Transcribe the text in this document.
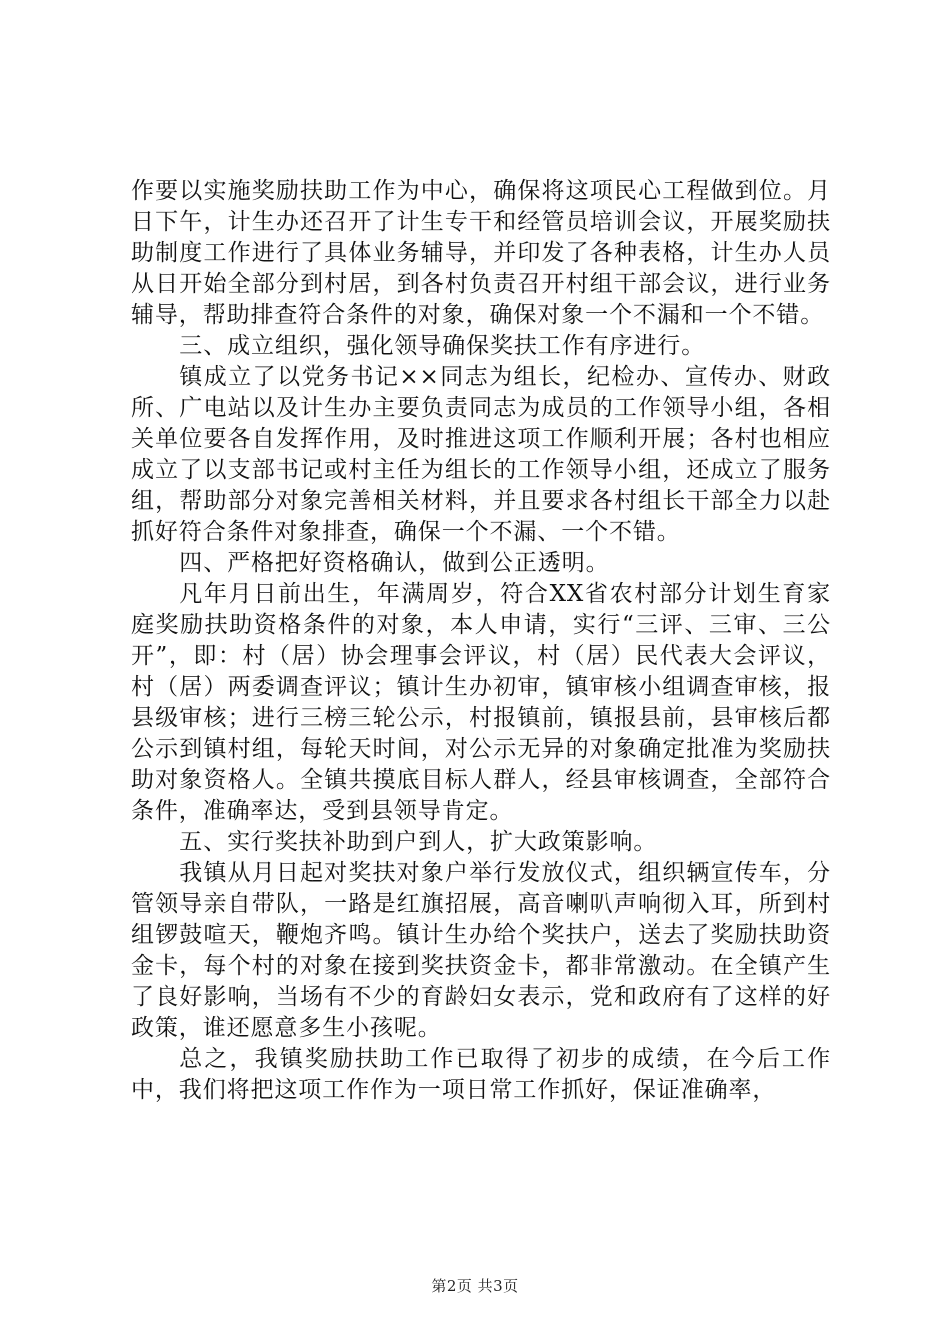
作要以实施奖励扶助工作为中心，确保将这项民心工程做到位。月日下午，计生办还召开了计生专干和经管员培训会议，开展奖励扶助制度工作进行了具体业务辅导，并印发了各种表格，计生办人员从日开始全部分到村居，到各村负责召开村组干部会议，进行业务辅导，帮助排查符合条件的对象，确保对象一个不漏和一个不错。

三、成立组织，强化领导确保奖扶工作有序进行。

镇成立了以党务书记××同志为组长，纪检办、宣传办、财政所、广电站以及计生办主要负责同志为成员的工作领导小组，各相关单位要各自发挥作用，及时推进这项工作顺利开展；各村也相应成立了以支部书记或村主任为组长的工作领导小组，还成立了服务组，帮助部分对象完善相关材料，并且要求各村组长干部全力以赴抓好符合条件对象排查，确保一个不漏、一个不错。

四、严格把好资格确认，做到公正透明。

凡年月日前出生，年满周岁，符合XX省农村部分计划生育家庭奖励扶助资格条件的对象，本人申请，实行“三评、三审、三公开”，即：村（居）协会理事会评议，村（居）民代表大会评议，村（居）两委调查评议；镇计生办初审，镇审核小组调查审核，报县级审核；进行三榜三轮公示，村报镇前，镇报县前，县审核后都公示到镇村组，每轮天时间，对公示无异的对象确定批准为奖励扶助对象资格人。全镇共摸底目标人群人，经县审核调查，全部符合条件，准确率达，受到县领导肯定。

五、实行奖扶补助到户到人，扩大政策影响。

我镇从月日起对奖扶对象户举行发放仪式，组织辆宣传车，分管领导亲自带队，一路是红旗招展，高音喇叭声响彻入耳，所到村组锣鼓喧天，鞭炮齐鸣。镇计生办给个奖扶户，送去了奖励扶助资金卡，每个村的对象在接到奖扶资金卡，都非常激动。在全镇产生了良好影响，当场有不少的育龄妇女表示，党和政府有了这样的好政策，谁还愿意多生小孩呢。

总之，我镇奖励扶助工作已取得了初步的成绩，在今后工作中，我们将把这项工作作为一项日常工作抓好，保证准确率，

第2页 共3页
